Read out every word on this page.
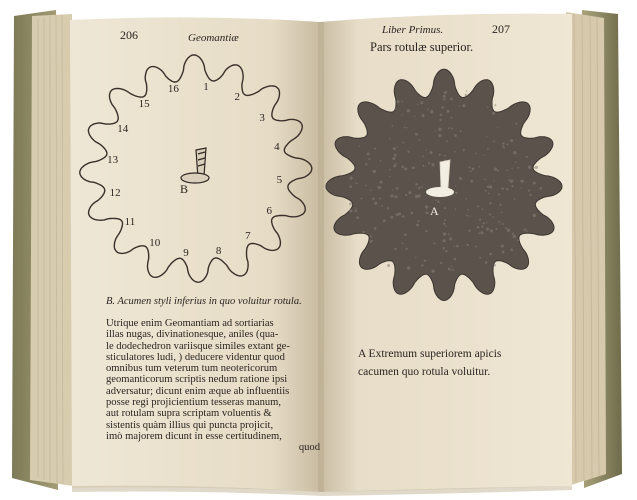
206	Geomantiæ
Liber Primus.	207
Pars rotulæ superior.
1
2
3
4
5
6
7
8
9
10
11
12
13
14
15
16
B
A
B. Acumen styli inferius in quo voluitur rotula.
Utrique enim Geomantiam ad sortiarias
illas nugas, divinationesque, aniles (qua-
le dodechedron variisque similes extant ge-
sticulatores ludi, ) deducere videntur quod
omnibus tum veterum tum neotericorum
geomanticorum scriptis nedum ratione ipsi
adversatur; dicunt enim æque ab influentiis
posse regi projicientium tesseras manum,
aut rotulam supra scriptam voluentis &
sistentis quàm illius qui puncta projicit,
imò majorem dicunt in esse certitudinem,
quod
A Extremum superiorem apicis
cacumen quo rotula voluitur.
